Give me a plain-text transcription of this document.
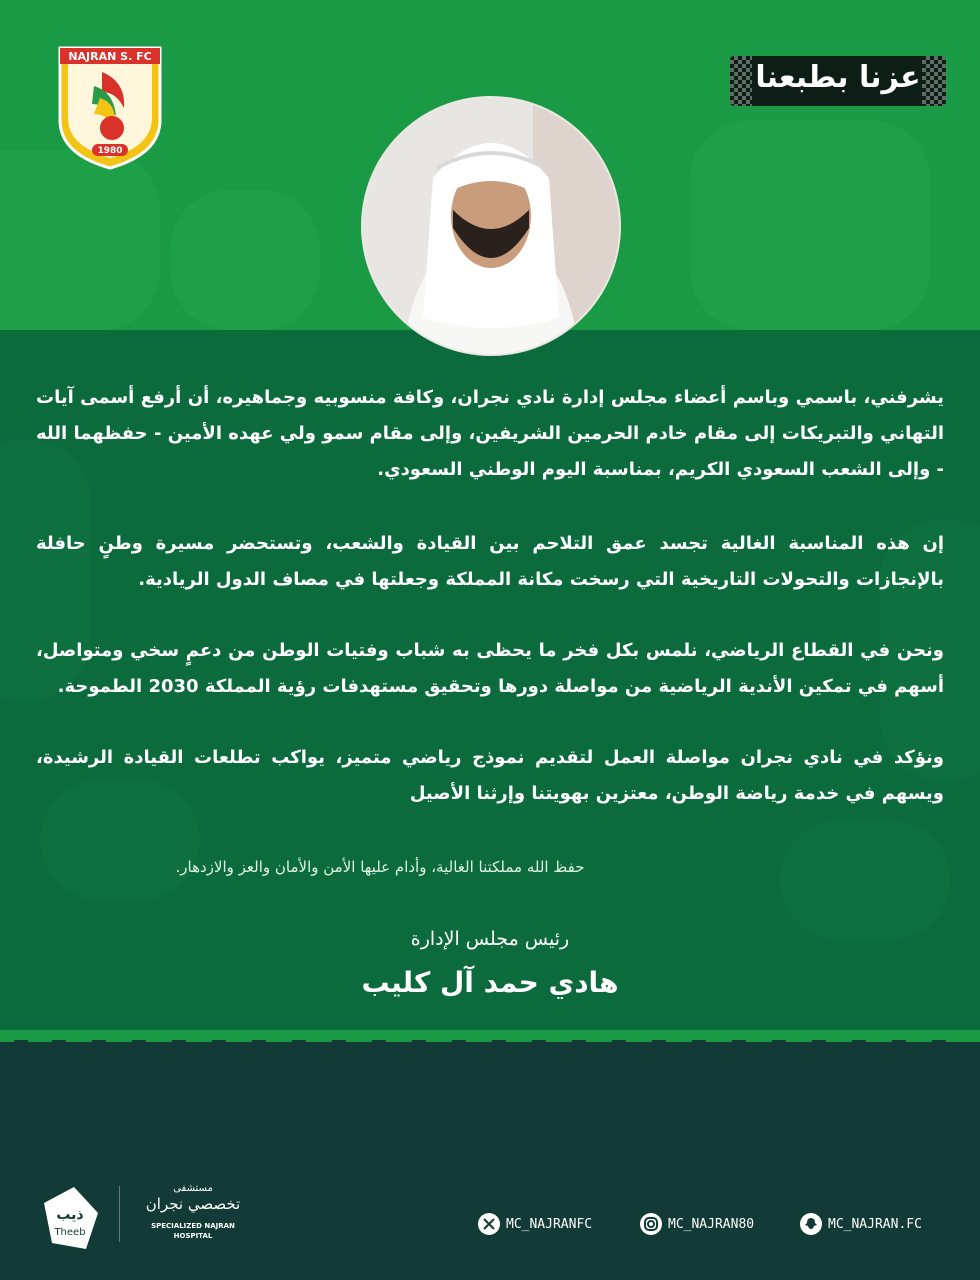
NAJRAN S. FC
1980
عزنا بطبعنا
يشرفني، باسمي وباسم أعضاء مجلس إدارة نادي نجران، وكافة منسوبيه وجماهيره، أن أرفع أسمى آيات التهاني والتبريكات إلى مقام خادم الحرمين الشريفين، وإلى مقام سمو ولي عهده الأمين - حفظهما الله - وإلى الشعب السعودي الكريم، بمناسبة اليوم الوطني السعودي.
إن هذه المناسبة الغالية تجسد عمق التلاحم بين القيادة والشعب، وتستحضر مسيرة وطنٍ حافلة بالإنجازات والتحولات التاريخية التي رسخت مكانة المملكة وجعلتها في مصاف الدول الريادية.
ونحن في القطاع الرياضي، نلمس بكل فخر ما يحظى به شباب وفتيات الوطن من دعمٍ سخي ومتواصل، أسهم في تمكين الأندية الرياضية من مواصلة دورها وتحقيق مستهدفات رؤية المملكة 2030 الطموحة.
ونؤكد في نادي نجران مواصلة العمل لتقديم نموذج رياضي متميز، يواكب تطلعات القيادة الرشيدة، ويسهم في خدمة رياضة الوطن، معتزين بهويتنا وإرثنا الأصيل
حفظ الله مملكتنا الغالية، وأدام عليها الأمن والأمان والعز والازدهار.
رئيس مجلس الإدارة
هادي حمد آل كليب
ذيب
Theeb
مستشفى
تخصصي نجران
SPECIALIZED NAJRAN
HOSPITAL
MC_NAJRANFC	MC_NAJRAN80	MC_NAJRAN.FC
